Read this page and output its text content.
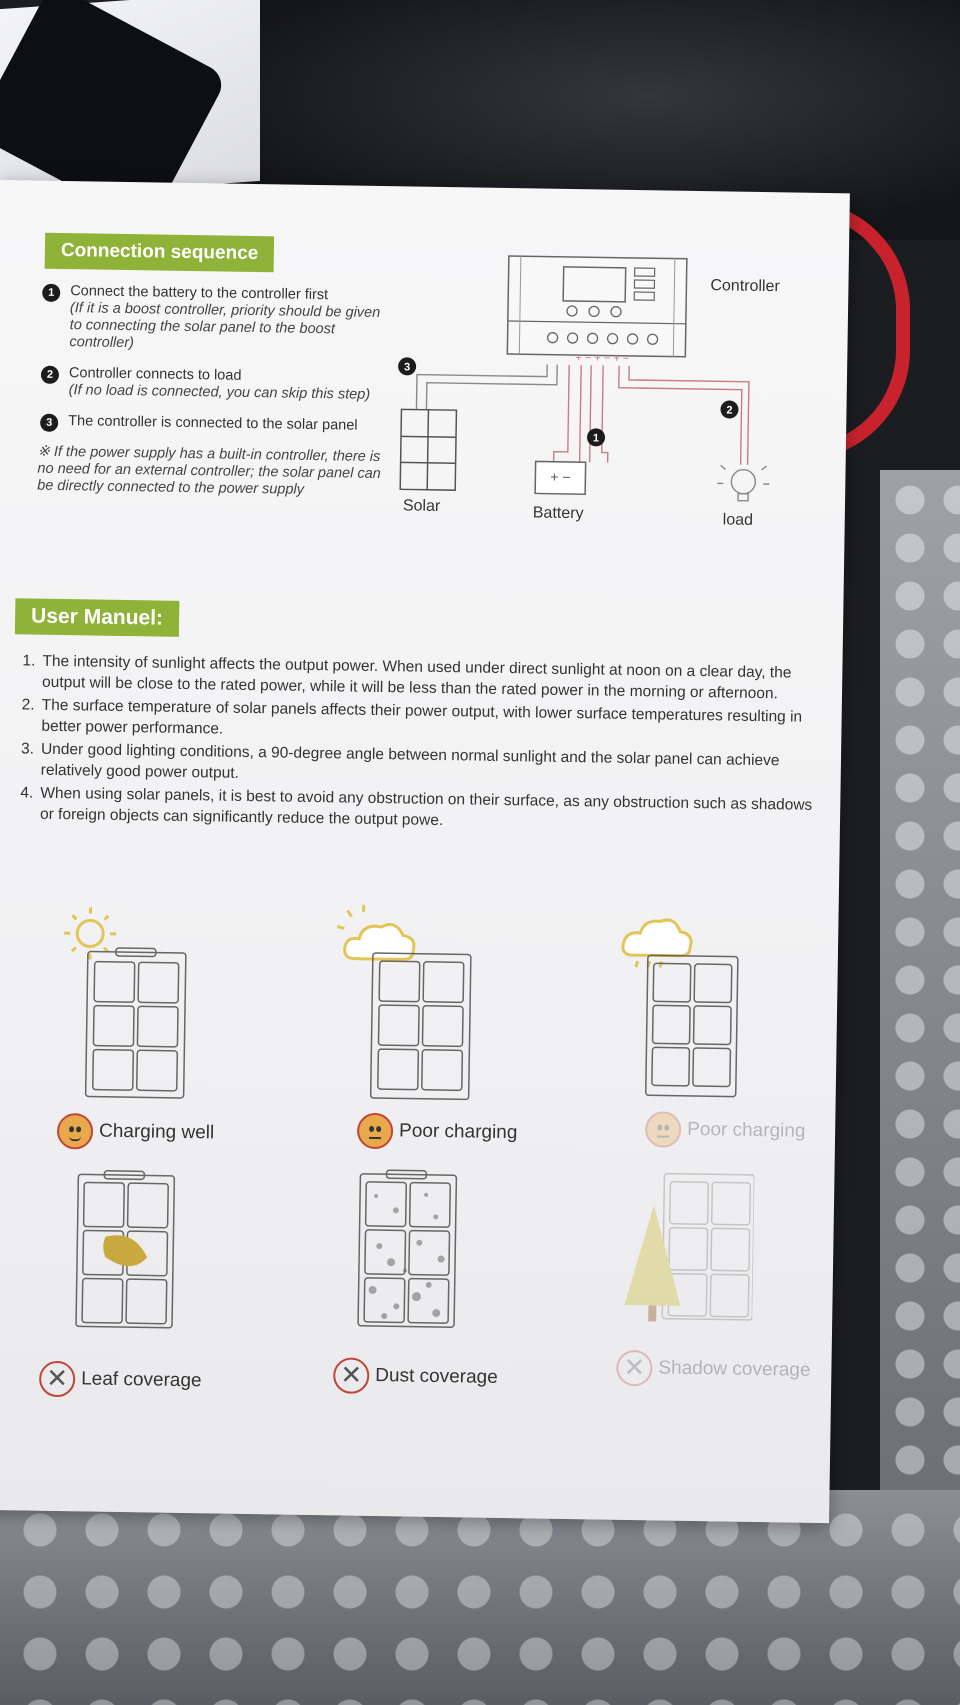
Connection sequence
1	Connect the battery to the controller first
(If it is a boost controller, priority should be given to connecting the solar panel to the boost controller)
2	Controller connects to load
(If no load is connected, you can skip this step)
3	The controller is connected to the solar panel
※ If the power supply has a built-in controller, there is no need for an external controller; the solar panel can be directly connected to the power supply
3
1
2
+ − + − + −
+ −
Controller
Solar	Battery	load
User Manuel:
1. The intensity of sunlight affects the output power. When used under direct sunlight at noon on a clear day, the output will be close to the rated power, while it will be less than the rated power in the morning or afternoon.
2. The surface temperature of solar panels affects their power output, with lower surface temperatures resulting in better power performance.
3. Under good lighting conditions, a 90-degree angle between normal sunlight and the solar panel can achieve relatively good power output.
4. When using solar panels, it is best to avoid any obstruction on their surface, as any obstruction such as shadows or foreign objects can significantly reduce the output powe.
Charging well	Poor charging	Poor charging
✕ Leaf coverage	✕ Dust coverage	✕ Shadow coverage
